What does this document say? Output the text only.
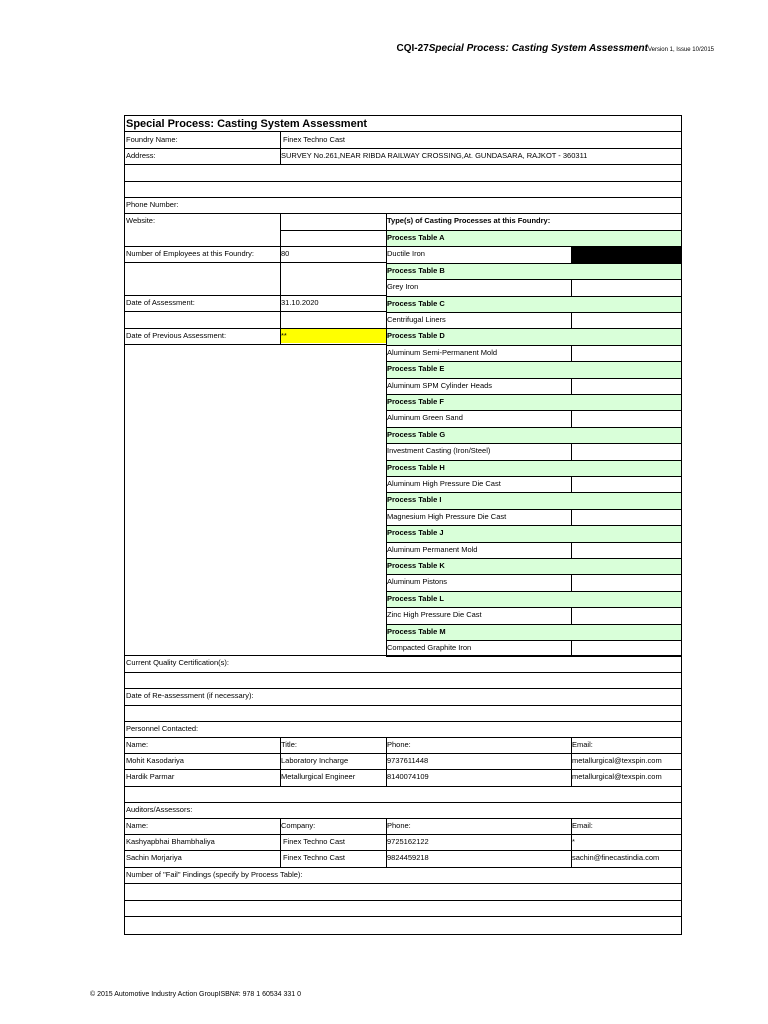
CQI-27Special Process: Casting System AssessmentVersion 1, Issue 10/2015
Special Process: Casting System Assessment
Foundry Name:	Finex Techno Cast
Address:	SURVEY No.261,NEAR RIBDA RAILWAY CROSSING,At. GUNDASARA, RAJKOT - 360311
Phone Number:
Website:	Type(s) of Casting Processes at this Foundry:
Number of Employees at this Foundry:	80
Date of Assessment:	31.10.2020
Date of Previous Assessment:	**
Current Quality Certification(s):
Date of Re-assessment (if necessary):
Personnel Contacted:
Name:	Title:	Phone:	Email:
Mohit Kasodariya	Laboratory Incharge	9737611448	metallurgical@texspin.com
Hardik Parmar	Metallurgical Engineer	8140074109	metallurgical@texspin.com
Auditors/Assessors:
Name:	Company:	Phone:	Email:
Kashyapbhai Bhambhaliya	Finex Techno Cast	9725162122	*
Sachin Morjariya	Finex Techno Cast	9824459218	sachin@finecastindia.com
Number of "Fail" Findings (specify by Process Table):
Process Table A
Ductile Iron
Process Table B
Grey Iron
Process Table C
Centrifugal Liners
Process Table D
Aluminum Semi-Permanent Mold
Process Table E
Aluminum SPM Cylinder Heads
Process Table F
Aluminum Green Sand
Process Table G
Investment Casting (Iron/Steel)
Process Table H
Aluminum High Pressure Die Cast
Process Table I
Magnesium High Pressure Die Cast
Process Table J
Aluminum Permanent Mold
Process Table K
Aluminum Pistons
Process Table L
Zinc High Pressure Die Cast
Process Table M
Compacted Graphite Iron
© 2015 Automotive Industry Action GroupISBN#: 978 1 60534 331 0
